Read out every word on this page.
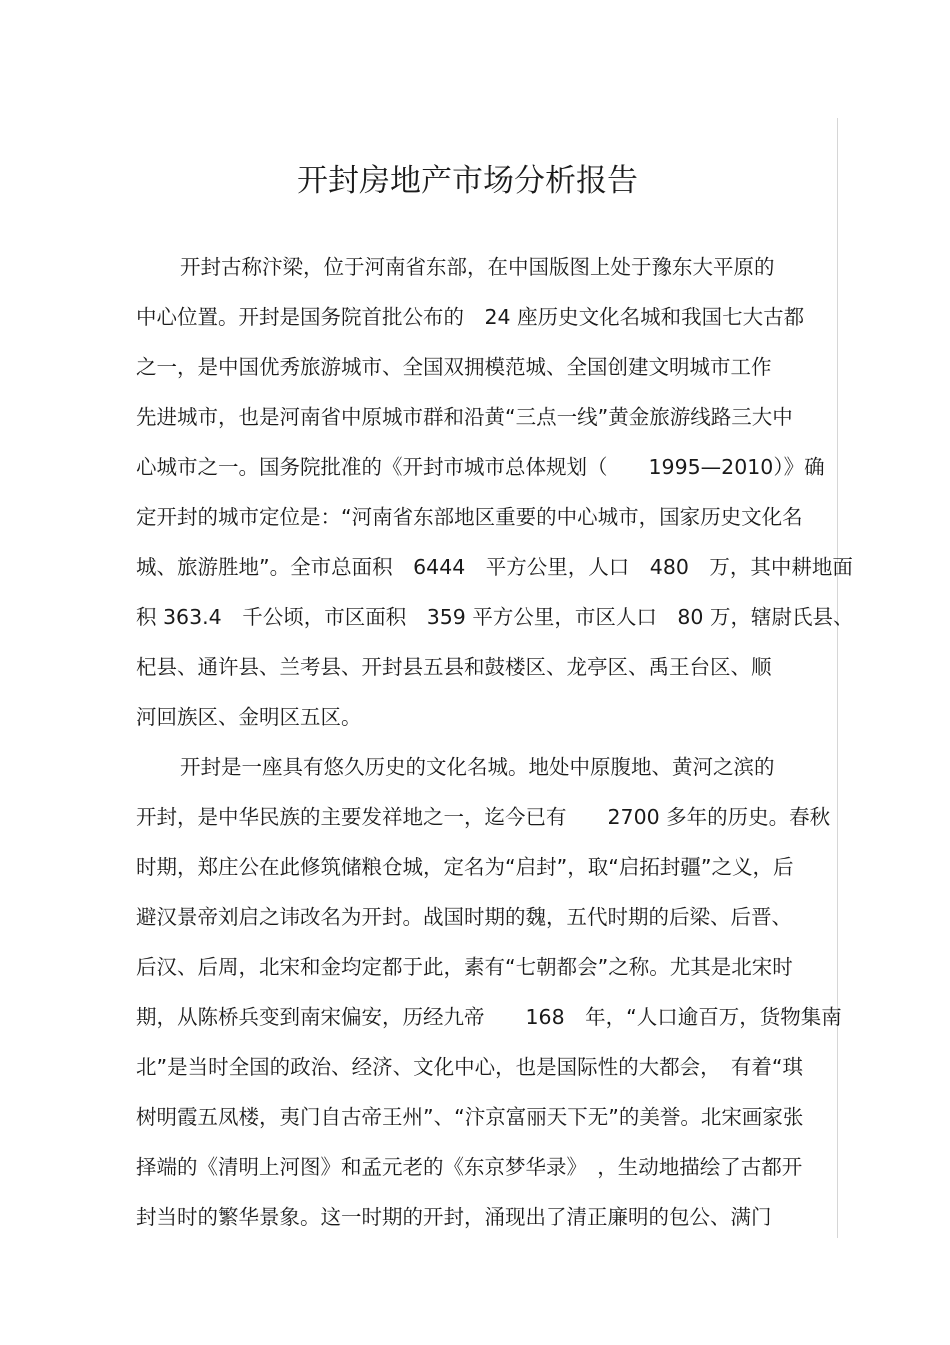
开封房地产市场分析报告
开封古称汴梁，位于河南省东部，在中国版图上处于豫东大平原的
中心位置。开封是国务院首批公布的　24 座历史文化名城和我国七大古都
之一，是中国优秀旅游城市、全国双拥模范城、全国创建文明城市工作
先进城市，也是河南省中原城市群和沿黄“三点一线”黄金旅游线路三大中
心城市之一。国务院批准的《开封市城市总体规划（　　1995—2010）》确
定开封的城市定位是：“河南省东部地区重要的中心城市，国家历史文化名
城、旅游胜地”。全市总面积　6444　平方公里，人口　480　万，其中耕地面
积 363.4　千公顷，市区面积　359 平方公里，市区人口　80 万，辖尉氏县、
杞县、通许县、兰考县、开封县五县和鼓楼区、龙亭区、禹王台区、顺
河回族区、金明区五区。
开封是一座具有悠久历史的文化名城。地处中原腹地、黄河之滨的
开封，是中华民族的主要发祥地之一，迄今已有　　2700 多年的历史。春秋
时期，郑庄公在此修筑储粮仓城，定名为“启封”，取“启拓封疆”之义，后
避汉景帝刘启之讳改名为开封。战国时期的魏，五代时期的后梁、后晋、
后汉、后周，北宋和金均定都于此，素有“七朝都会”之称。尤其是北宋时
期，从陈桥兵变到南宋偏安，历经九帝　　168　年，“人口逾百万，货物集南
北”是当时全国的政治、经济、文化中心，也是国际性的大都会，　有着“琪
树明霞五凤楼，夷门自古帝王州”、“汴京富丽天下无”的美誉。北宋画家张
择端的《清明上河图》和孟元老的《东京梦华录》　，生动地描绘了古都开
封当时的繁华景象。这一时期的开封，涌现出了清正廉明的包公、满门
